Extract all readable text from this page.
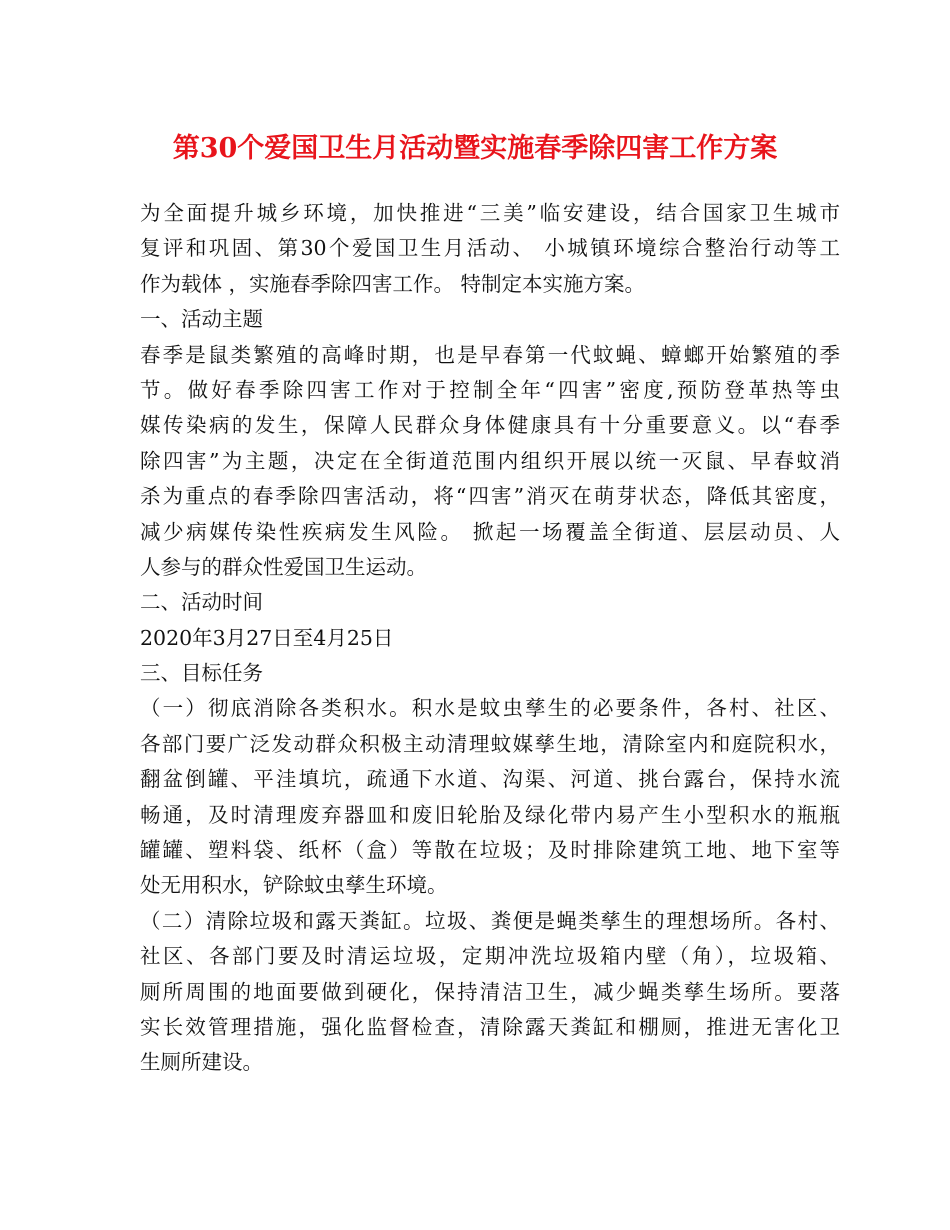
第30个爱国卫生月活动暨实施春季除四害工作方案
为全面提升城乡环境，加快推进“三美”临安建设，结合国家卫生城市
复评和巩固、第30个爱国卫生月活动、 小城镇环境综合整治行动等工
作为载体 ，实施春季除四害工作。 特制定本实施方案。
一、活动主题
春季是鼠类繁殖的高峰时期，也是早春第一代蚊蝇、蟑螂开始繁殖的季
节。做好春季除四害工作对于控制全年“四害”密度,预防登革热等虫
媒传染病的发生，保障人民群众身体健康具有十分重要意义。以“春季
除四害”为主题，决定在全街道范围内组织开展以统一灭鼠、早春蚊消
杀为重点的春季除四害活动，将“四害”消灭在萌芽状态，降低其密度，
减少病媒传染性疾病发生风险。 掀起一场覆盖全街道、层层动员、人
人参与的群众性爱国卫生运动。
二、活动时间
2020年3月27日至4月25日
三、目标任务
（一）彻底消除各类积水。积水是蚊虫孳生的必要条件，各村、社区、
各部门要广泛发动群众积极主动清理蚊媒孳生地，清除室内和庭院积水，
翻盆倒罐、平洼填坑，疏通下水道、沟渠、河道、挑台露台，保持水流
畅通，及时清理废弃器皿和废旧轮胎及绿化带内易产生小型积水的瓶瓶
罐罐、塑料袋、纸杯（盒）等散在垃圾；及时排除建筑工地、地下室等
处无用积水，铲除蚊虫孳生环境。
（二）清除垃圾和露天粪缸。垃圾、粪便是蝇类孳生的理想场所。各村、
社区、各部门要及时清运垃圾，定期冲洗垃圾箱内壁（角），垃圾箱、
厕所周围的地面要做到硬化，保持清洁卫生，减少蝇类孳生场所。要落
实长效管理措施，强化监督检查，清除露天粪缸和棚厕，推进无害化卫
生厕所建设。
